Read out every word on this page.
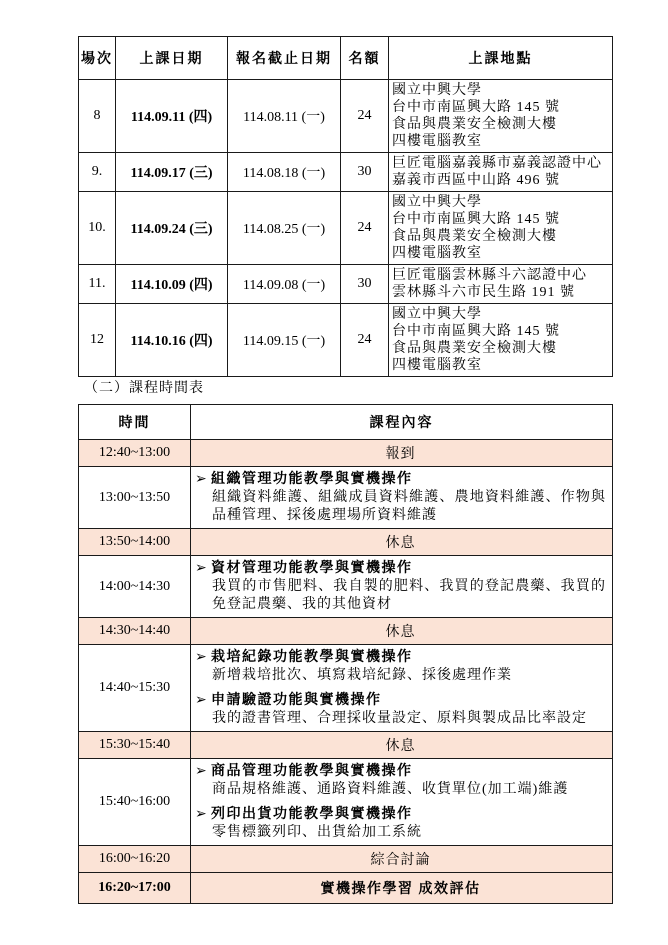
場次	上課日期	報名截止日期	名額	上課地點
8	114.09.11 (四)	114.08.11 (一)	24	國立中興大學
台中市南區興大路 145 號
食品與農業安全檢測大樓
四樓電腦教室

9.	114.09.17 (三)	114.08.18 (一)	30	巨匠電腦嘉義縣市嘉義認證中心
嘉義市西區中山路 496 號

10.	114.09.24 (三)	114.08.25 (一)	24	國立中興大學
台中市南區興大路 145 號
食品與農業安全檢測大樓
四樓電腦教室

11.	114.10.09 (四)	114.09.08 (一)	30	巨匠電腦雲林縣斗六認證中心
雲林縣斗六市民生路 191 號

12	114.10.16 (四)	114.09.15 (一)	24	國立中興大學
台中市南區興大路 145 號
食品與農業安全檢測大樓
四樓電腦教室
（二）課程時間表
時間	課程內容
12:40~13:00	報到
13:00~13:50	➢ 組織管理功能教學與實機操作
組織資料維護、組織成員資料維護、農地資料維護、作物與品種管理、採後處理場所資料維護

13:50~14:00	休息
14:00~14:30	➢ 資材管理功能教學與實機操作
我買的市售肥料、我自製的肥料、我買的登記農藥、我買的免登記農藥、我的其他資材

14:30~14:40	休息
14:40~15:30	➢ 栽培紀錄功能教學與實機操作
新增栽培批次、填寫栽培紀錄、採後處理作業
➢ 申請驗證功能與實機操作
我的證書管理、合理採收量設定、原料與製成品比率設定

15:30~15:40	休息
15:40~16:00	➢ 商品管理功能教學與實機操作
商品規格維護、通路資料維護、收貨單位(加工端)維護
➢ 列印出貨功能教學與實機操作
零售標籤列印、出貨給加工系統

16:00~16:20	綜合討論
16:20~17:00	實機操作學習 成效評估
